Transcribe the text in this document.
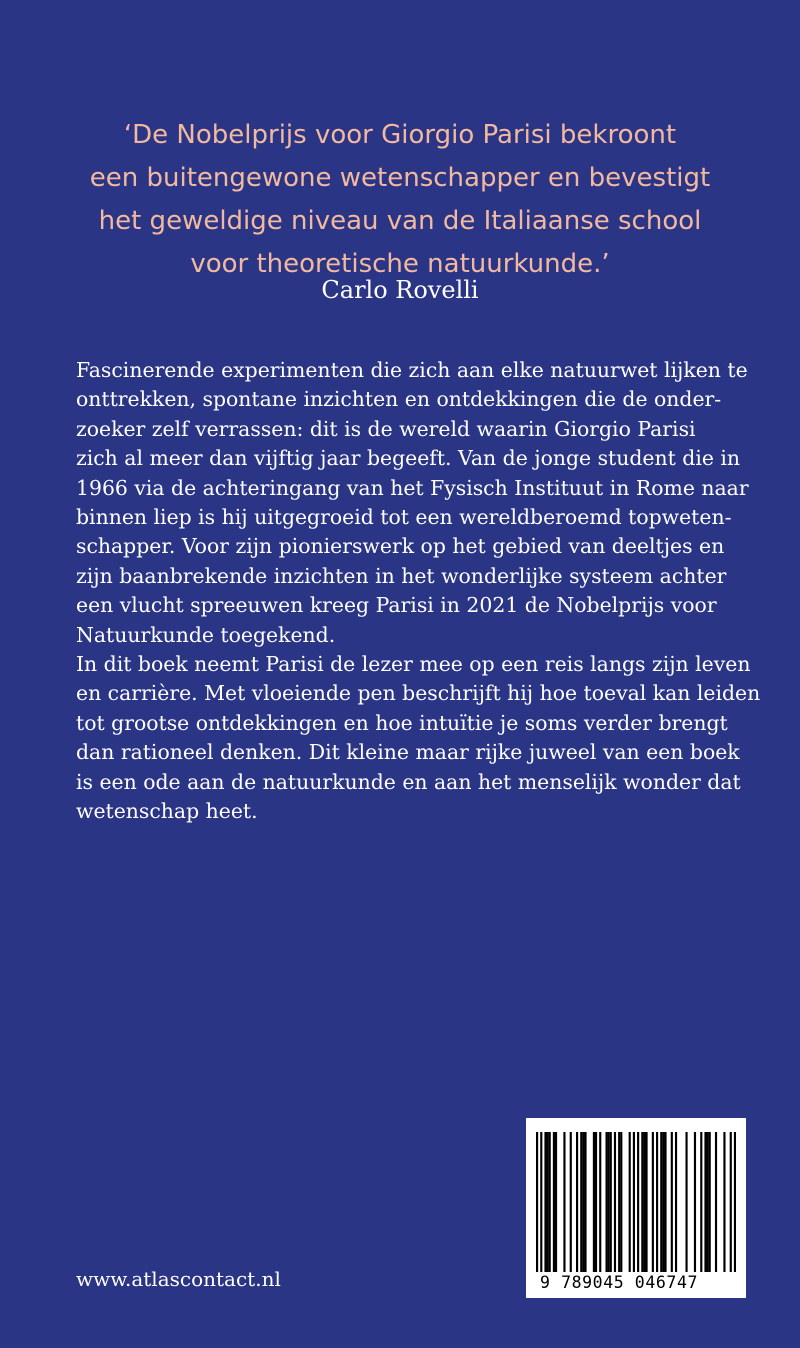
‘De Nobelprijs voor Giorgio Parisi bekroont
een buitengewone wetenschapper en bevestigt
het geweldige niveau van de Italiaanse school
voor theoretische natuurkunde.’
Carlo Rovelli
Fascinerende experimenten die zich aan elke natuurwet lijken te
onttrekken, spontane inzichten en ontdekkingen die de onder-
zoeker zelf verrassen: dit is de wereld waarin Giorgio Parisi
zich al meer dan vijftig jaar begeeft. Van de jonge student die in
1966 via de achteringang van het Fysisch Instituut in Rome naar
binnen liep is hij uitgegroeid tot een wereldberoemd topweten-
schapper. Voor zijn pionierswerk op het gebied van deeltjes en
zijn baanbrekende inzichten in het wonderlijke systeem achter
een vlucht spreeuwen kreeg Parisi in 2021 de Nobelprijs voor
Natuurkunde toegekend.
In dit boek neemt Parisi de lezer mee op een reis langs zijn leven
en carrière. Met vloeiende pen beschrijft hij hoe toeval kan leiden
tot grootse ontdekkingen en hoe intuïtie je soms verder brengt
dan rationeel denken. Dit kleine maar rijke juweel van een boek
is een ode aan de natuurkunde en aan het menselijk wonder dat
wetenschap heet.
www.atlascontact.nl	9 789045 046747
